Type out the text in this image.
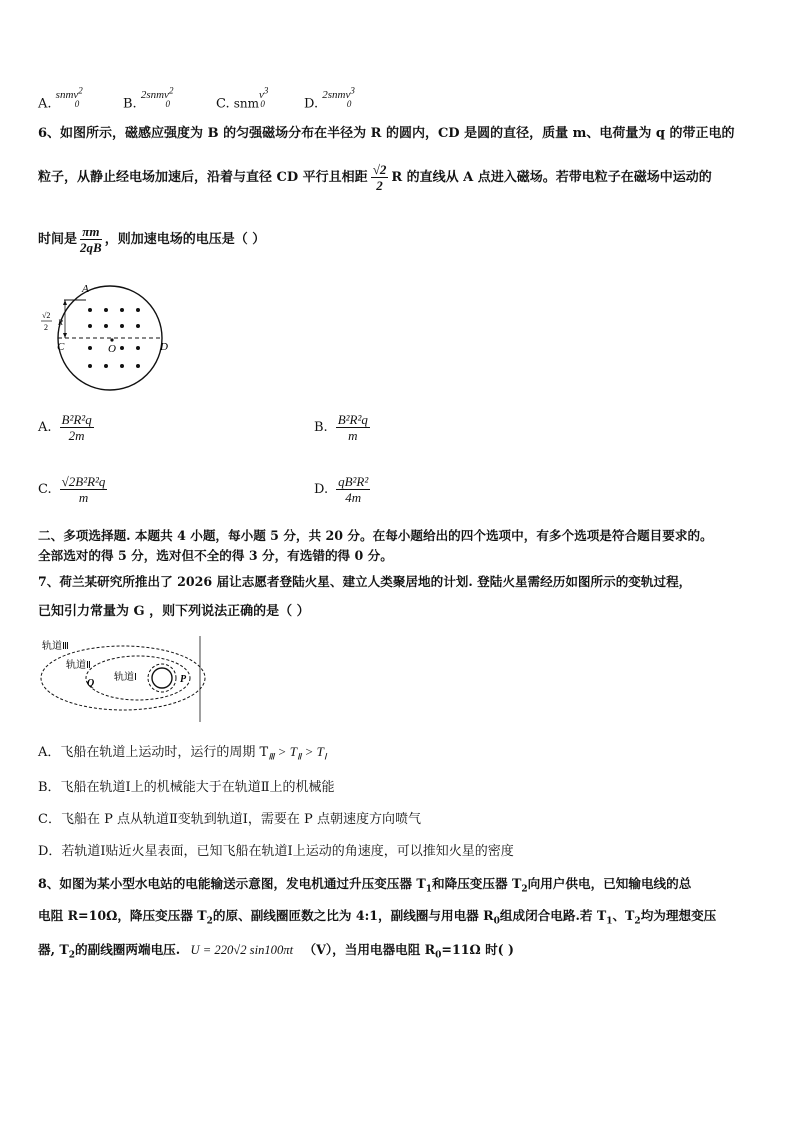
A. $^{snmv^2}_0$	B. $^{2snmv^2}_0$	C. snm$^{v^3}_0$	D. $^{2snmv^3}_0$
6、如图所示，磁感应强度为 B 的匀强磁场分布在半径为 R 的圆内，CD 是圆的直径，质量 m、电荷量为 q 的带正电的
粒子，从静止经电场加速后，沿着与直径 CD 平行且相距 $\frac{√2}{2}$ R 的直线从 A 点进入磁场。若带电粒子在磁场中运动的
时间是 $\frac{\pi m}{2qB}$ ，则加速电场的电压是（ ）
A
C	O	D
R
√2
2
A. $\frac{\text{B²R²q}}{2m}$	B. $\frac{\text{B²R²q}}{m}$
C. $\frac{\text{√2B²R²q}}{m}$	D. $\frac{\text{qB²R²}}{4m}$
二、多项选择题. 本题共 4 小题，每小题 5 分，共 20 分。在每小题给出的四个选项中，有多个选项是符合题目要求的。
全部选对的得 5 分，选对但不全的得 3 分，有选错的得 0 分。
7、荷兰某研究所推出了 2026 届让志愿者登陆火星、建立人类聚居地的计划. 登陆火星需经历如图所示的变轨过程，
已知引力常量为 G ，则下列说法正确的是（ ）
轨道Ⅲ
轨道Ⅱ
轨道Ⅰ
Q	P
A．飞船在轨道上运动时，运行的周期 $T_Ⅲ > T_Ⅱ > T_Ⅰ$
B．飞船在轨道Ⅰ上的机械能大于在轨道Ⅱ上的机械能
C．飞船在 P 点从轨道Ⅱ变轨到轨道Ⅰ，需要在 P 点朝速度方向喷气
D．若轨道Ⅰ贴近火星表面，已知飞船在轨道Ⅰ上运动的角速度，可以推知火星的密度
8、如图为某小型水电站的电能输送示意图，发电机通过升压变压器 $T_1$和降压变压器 $T_2$向用户供电，已知输电线的总
电阻 R=10Ω，降压变压器 $T_2$的原、副线圈匝数之比为 4:1，副线圈与用电器 $R_0$组成闭合电路.若 $T_1$、$T_2$均为理想变压
器, $T_2$的副线圈两端电压. U = 220√2 sin100πt （V），当用电器电阻 $R_0=11\Omega$ 时( )
